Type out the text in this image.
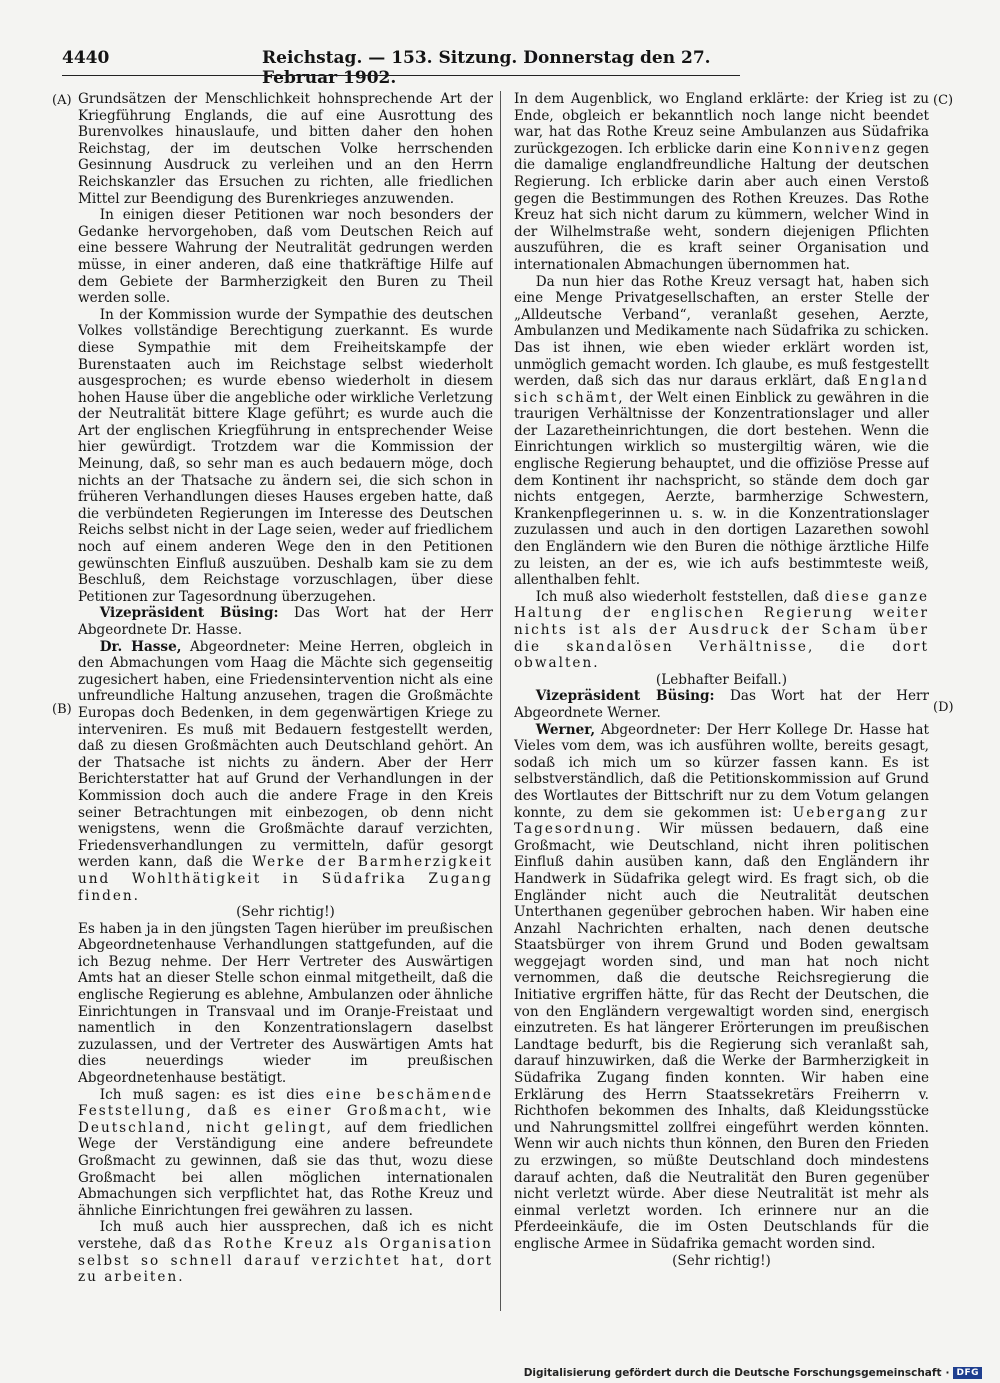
4440	Reichstag. — 153. Sitzung. Donnerstag den 27. Februar 1902.
(A)
(B)
(C)
(D)

Grundsätzen der Menschlichkeit hohnsprechende Art der Kriegführung Englands, die auf eine Ausrottung des Burenvolkes hinauslaufe, und bitten daher den hohen Reichstag, der im deutschen Volke herrschenden Gesinnung Ausdruck zu verleihen und an den Herrn Reichskanzler das Ersuchen zu richten, alle friedlichen Mittel zur Beendigung des Burenkrieges anzuwenden.

In einigen dieser Petitionen war noch besonders der Gedanke hervorgehoben, daß vom Deutschen Reich auf eine bessere Wahrung der Neutralität gedrungen werden müsse, in einer anderen, daß eine thatkräftige Hilfe auf dem Gebiete der Barmherzigkeit den Buren zu Theil werden solle.

In der Kommission wurde der Sympathie des deutschen Volkes vollständige Berechtigung zuerkannt. Es wurde diese Sympathie mit dem Freiheitskampfe der Burenstaaten auch im Reichstage selbst wiederholt ausgesprochen; es wurde ebenso wiederholt in diesem hohen Hause über die angebliche oder wirkliche Verletzung der Neutralität bittere Klage geführt; es wurde auch die Art der englischen Kriegführung in entsprechender Weise hier gewürdigt. Trotzdem war die Kommission der Meinung, daß, so sehr man es auch bedauern möge, doch nichts an der Thatsache zu ändern sei, die sich schon in früheren Verhandlungen dieses Hauses ergeben hatte, daß die verbündeten Regierungen im Interesse des Deutschen Reichs selbst nicht in der Lage seien, weder auf friedlichem noch auf einem anderen Wege den in den Petitionen gewünschten Einfluß auszuüben. Deshalb kam sie zu dem Beschluß, dem Reichstage vorzuschlagen, über diese Petitionen zur Tagesordnung überzugehen.

Vizepräsident Büsing: Das Wort hat der Herr Abgeordnete Dr. Hasse.

Dr. Hasse, Abgeordneter: Meine Herren, obgleich in den Abmachungen vom Haag die Mächte sich gegenseitig zugesichert haben, eine Friedensintervention nicht als eine unfreundliche Haltung anzusehen, tragen die Großmächte Europas doch Bedenken, in dem gegenwärtigen Kriege zu interveniren. Es muß mit Bedauern festgestellt werden, daß zu diesen Großmächten auch Deutschland gehört. An der Thatsache ist nichts zu ändern. Aber der Herr Berichterstatter hat auf Grund der Verhandlungen in der Kommission doch auch die andere Frage in den Kreis seiner Betrachtungen mit einbezogen, ob denn nicht wenigstens, wenn die Großmächte darauf verzichten, Friedensverhandlungen zu vermitteln, dafür gesorgt werden kann, daß die Werke der Barmherzigkeit und Wohlthätigkeit in Südafrika Zugang finden.

(Sehr richtig!)

Es haben ja in den jüngsten Tagen hierüber im preußischen Abgeordnetenhause Verhandlungen stattgefunden, auf die ich Bezug nehme. Der Herr Vertreter des Auswärtigen Amts hat an dieser Stelle schon einmal mitgetheilt, daß die englische Regierung es ablehne, Ambulanzen oder ähnliche Einrichtungen in Transvaal und im Oranje-Freistaat und namentlich in den Konzentrationslagern daselbst zuzulassen, und der Vertreter des Auswärtigen Amts hat dies neuerdings wieder im preußischen Abgeordnetenhause bestätigt.

Ich muß sagen: es ist dies eine beschämende Feststellung, daß es einer Großmacht, wie Deutschland, nicht gelingt, auf dem friedlichen Wege der Verständigung eine andere befreundete Großmacht zu gewinnen, daß sie das thut, wozu diese Großmacht bei allen möglichen internationalen Abmachungen sich verpflichtet hat, das Rothe Kreuz und ähnliche Einrichtungen frei gewähren zu lassen.

Ich muß auch hier aussprechen, daß ich es nicht verstehe, daß das Rothe Kreuz als Organisation selbst so schnell darauf verzichtet hat, dort zu arbeiten.

In dem Augenblick, wo England erklärte: der Krieg ist zu Ende, obgleich er bekanntlich noch lange nicht beendet war, hat das Rothe Kreuz seine Ambulanzen aus Südafrika zurückgezogen. Ich erblicke darin eine Konnivenz gegen die damalige englandfreundliche Haltung der deutschen Regierung. Ich erblicke darin aber auch einen Verstoß gegen die Bestimmungen des Rothen Kreuzes. Das Rothe Kreuz hat sich nicht darum zu kümmern, welcher Wind in der Wilhelmstraße weht, sondern diejenigen Pflichten auszuführen, die es kraft seiner Organisation und internationalen Abmachungen übernommen hat.

Da nun hier das Rothe Kreuz versagt hat, haben sich eine Menge Privatgesellschaften, an erster Stelle der „Alldeutsche Verband“, veranlaßt gesehen, Aerzte, Ambulanzen und Medikamente nach Südafrika zu schicken. Das ist ihnen, wie eben wieder erklärt worden ist, unmöglich gemacht worden. Ich glaube, es muß festgestellt werden, daß sich das nur daraus erklärt, daß England sich schämt, der Welt einen Einblick zu gewähren in die traurigen Verhältnisse der Konzentrationslager und aller der Lazaretheinrichtungen, die dort bestehen. Wenn die Einrichtungen wirklich so mustergiltig wären, wie die englische Regierung behauptet, und die offiziöse Presse auf dem Kontinent ihr nachspricht, so stände dem doch gar nichts entgegen, Aerzte, barmherzige Schwestern, Krankenpflegerinnen u. s. w. in die Konzentrationslager zuzulassen und auch in den dortigen Lazarethen sowohl den Engländern wie den Buren die nöthige ärztliche Hilfe zu leisten, an der es, wie ich aufs bestimmteste weiß, allenthalben fehlt.

Ich muß also wiederholt feststellen, daß diese ganze Haltung der englischen Regierung weiter nichts ist als der Ausdruck der Scham über die skandalösen Verhältnisse, die dort obwalten.

(Lebhafter Beifall.)

Vizepräsident Büsing: Das Wort hat der Herr Abgeordnete Werner.

Werner, Abgeordneter: Der Herr Kollege Dr. Hasse hat Vieles vom dem, was ich ausführen wollte, bereits gesagt, sodaß ich mich um so kürzer fassen kann. Es ist selbstverständlich, daß die Petitionskommission auf Grund des Wortlautes der Bittschrift nur zu dem Votum gelangen konnte, zu dem sie gekommen ist: Uebergang zur Tagesordnung. Wir müssen bedauern, daß eine Großmacht, wie Deutschland, nicht ihren politischen Einfluß dahin ausüben kann, daß den Engländern ihr Handwerk in Südafrika gelegt wird. Es fragt sich, ob die Engländer nicht auch die Neutralität deutschen Unterthanen gegenüber gebrochen haben. Wir haben eine Anzahl Nachrichten erhalten, nach denen deutsche Staatsbürger von ihrem Grund und Boden gewaltsam weggejagt worden sind, und man hat noch nicht vernommen, daß die deutsche Reichsregierung die Initiative ergriffen hätte, für das Recht der Deutschen, die von den Engländern vergewaltigt worden sind, energisch einzutreten. Es hat längerer Erörterungen im preußischen Landtage bedurft, bis die Regierung sich veranlaßt sah, darauf hinzuwirken, daß die Werke der Barmherzigkeit in Südafrika Zugang finden konnten. Wir haben eine Erklärung des Herrn Staatssekretärs Freiherrn v. Richthofen bekommen des Inhalts, daß Kleidungsstücke und Nahrungsmittel zollfrei eingeführt werden könnten. Wenn wir auch nichts thun können, den Buren den Frieden zu erzwingen, so müßte Deutschland doch mindestens darauf achten, daß die Neutralität den Buren gegenüber nicht verletzt würde. Aber diese Neutralität ist mehr als einmal verletzt worden. Ich erinnere nur an die Pferdeeinkäufe, die im Osten Deutschlands für die englische Armee in Südafrika gemacht worden sind.

(Sehr richtig!)

Digitalisierung gefördert durch die Deutsche Forschungsgemeinschaft · DFG
